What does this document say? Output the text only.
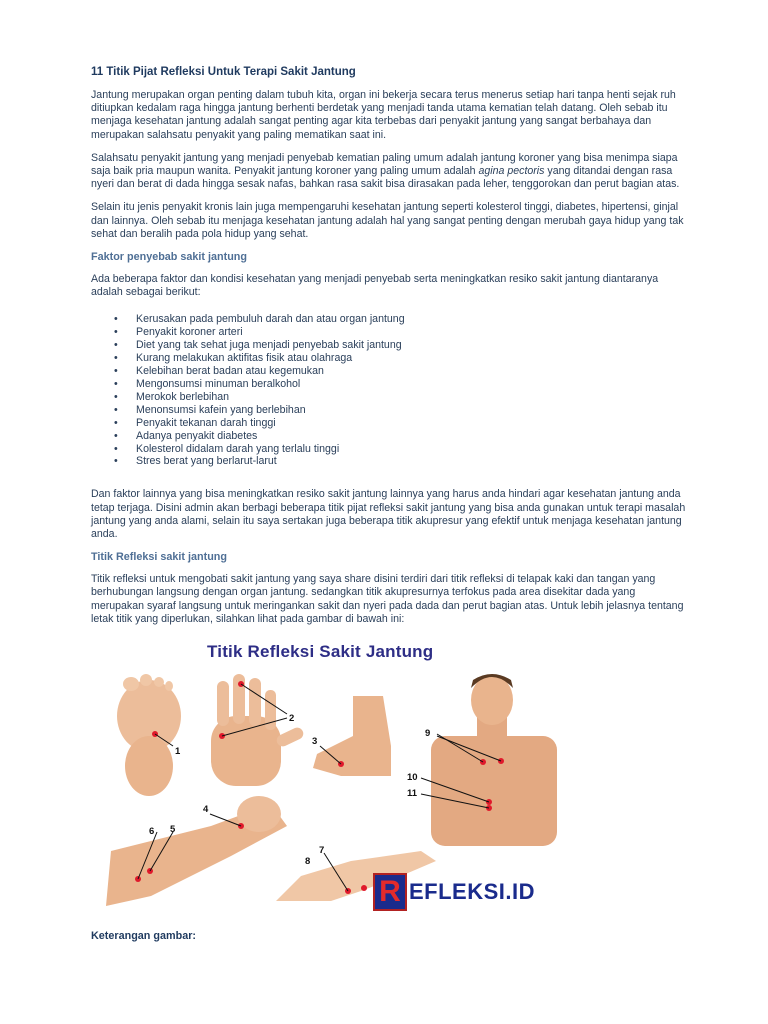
11 Titik Pijat Refleksi Untuk Terapi Sakit Jantung

Jantung merupakan organ penting dalam tubuh kita, organ ini bekerja secara terus menerus setiap hari tanpa henti sejak ruh ditiupkan kedalam raga hingga jantung berhenti berdetak yang menjadi tanda utama kematian telah datang. Oleh sebab itu menjaga kesehatan jantung adalah sangat penting agar kita terbebas dari penyakit jantung yang sangat berbahaya dan merupakan salahsatu penyakit yang paling mematikan saat ini.

Salahsatu penyakit jantung yang menjadi penyebab kematian paling umum adalah jantung koroner yang bisa menimpa siapa saja baik pria maupun wanita. Penyakit jantung koroner yang paling umum adalah agina pectoris yang ditandai dengan rasa nyeri dan berat di dada hingga sesak nafas, bahkan rasa sakit bisa dirasakan pada leher, tenggorokan dan perut bagian atas.

Selain itu jenis penyakit kronis lain juga mempengaruhi kesehatan jantung seperti kolesterol tinggi, diabetes, hipertensi, ginjal dan lainnya. Oleh sebab itu menjaga kesehatan jantung adalah hal yang sangat penting dengan merubah gaya hidup yang tak sehat dan beralih pada pola hidup yang sehat.

Faktor penyebab sakit jantung

Ada beberapa faktor dan kondisi kesehatan yang menjadi penyebab serta meningkatkan resiko sakit jantung diantaranya adalah sebagai berikut:

• Kerusakan pada pembuluh darah dan atau organ jantung
• Penyakit koroner arteri
• Diet yang tak sehat juga menjadi penyebab sakit jantung
• Kurang melakukan aktifitas fisik atau olahraga
• Kelebihan berat badan atau kegemukan
• Mengonsumsi minuman beralkohol
• Merokok berlebihan
• Menonsumsi kafein yang berlebihan
• Penyakit tekanan darah tinggi
• Adanya penyakit diabetes
• Kolesterol didalam darah yang terlalu tinggi
• Stres berat yang berlarut-larut

Dan faktor lainnya yang bisa meningkatkan resiko sakit jantung lainnya yang harus anda hindari agar kesehatan jantung anda tetap terjaga. Disini admin akan berbagi beberapa titik pijat refleksi sakit jantung yang bisa anda gunakan untuk terapi masalah jantung yang anda alami, selain itu saya sertakan juga beberapa titik akupresur yang efektif untuk menjaga kesehatan jantung anda.

Titik Refleksi sakit jantung

Titik refleksi untuk mengobati sakit jantung yang saya share disini terdiri dari titik refleksi di telapak kaki dan tangan yang berhubungan langsung dengan organ jantung. sedangkan titik akupresurnya terfokus pada area disekitar dada yang merupakan syaraf langsung untuk meringankan sakit dan nyeri pada dada dan perut bagian atas. Untuk lebih jelasnya tentang letak titik yang diperlukan, silahkan lihat pada gambar di bawah ini:

1
2
3
4
5
6
7
8
9
10
11
Titik Refleksi Sakit Jantung
R EFLEKSI.ID
Keterangan gambar:
